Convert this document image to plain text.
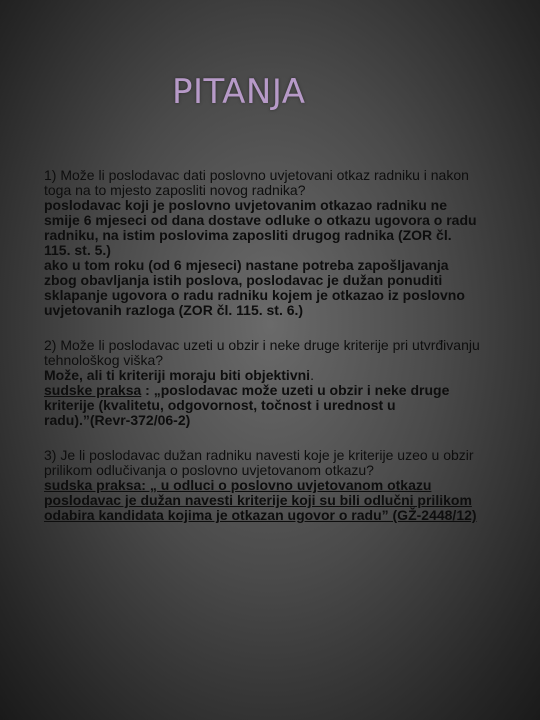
PITANJA

1) Može li poslodavac dati poslovno uvjetovani otkaz radniku i nakon toga na to mjesto zaposliti novog radnika?

poslodavac koji je poslovno uvjetovanim otkazao radniku ne smije 6 mjeseci od dana dostave odluke o otkazu ugovora o radu radniku, na istim poslovima zaposliti drugog radnika (ZOR čl. 115. st. 5.)

ako u tom roku (od 6 mjeseci) nastane potreba zapošljavanja zbog obavljanja istih poslova, poslodavac je dužan ponuditi sklapanje ugovora o radu radniku kojem je otkazao iz poslovno uvjetovanih razloga (ZOR čl. 115. st. 6.)

2) Može li poslodavac uzeti u obzir i neke druge kriterije pri utvrđivanju tehnološkog viška?

Može, ali ti kriteriji moraju biti objektivni.

sudske praksa : „poslodavac može uzeti u obzir i neke druge kriterije (kvalitetu, odgovornost, točnost i urednost u radu).”(Revr-372/06-2)

3) Je li poslodavac dužan radniku navesti koje je kriterije uzeo u obzir prilikom odlučivanja o poslovno uvjetovanom otkazu?

sudska praksa: „ u odluci o poslovno uvjetovanom otkazu poslodavac je dužan navesti kriterije koji su bili odlučni prilikom odabira kandidata kojima je otkazan ugovor o radu” (GŽ-2448/12)
